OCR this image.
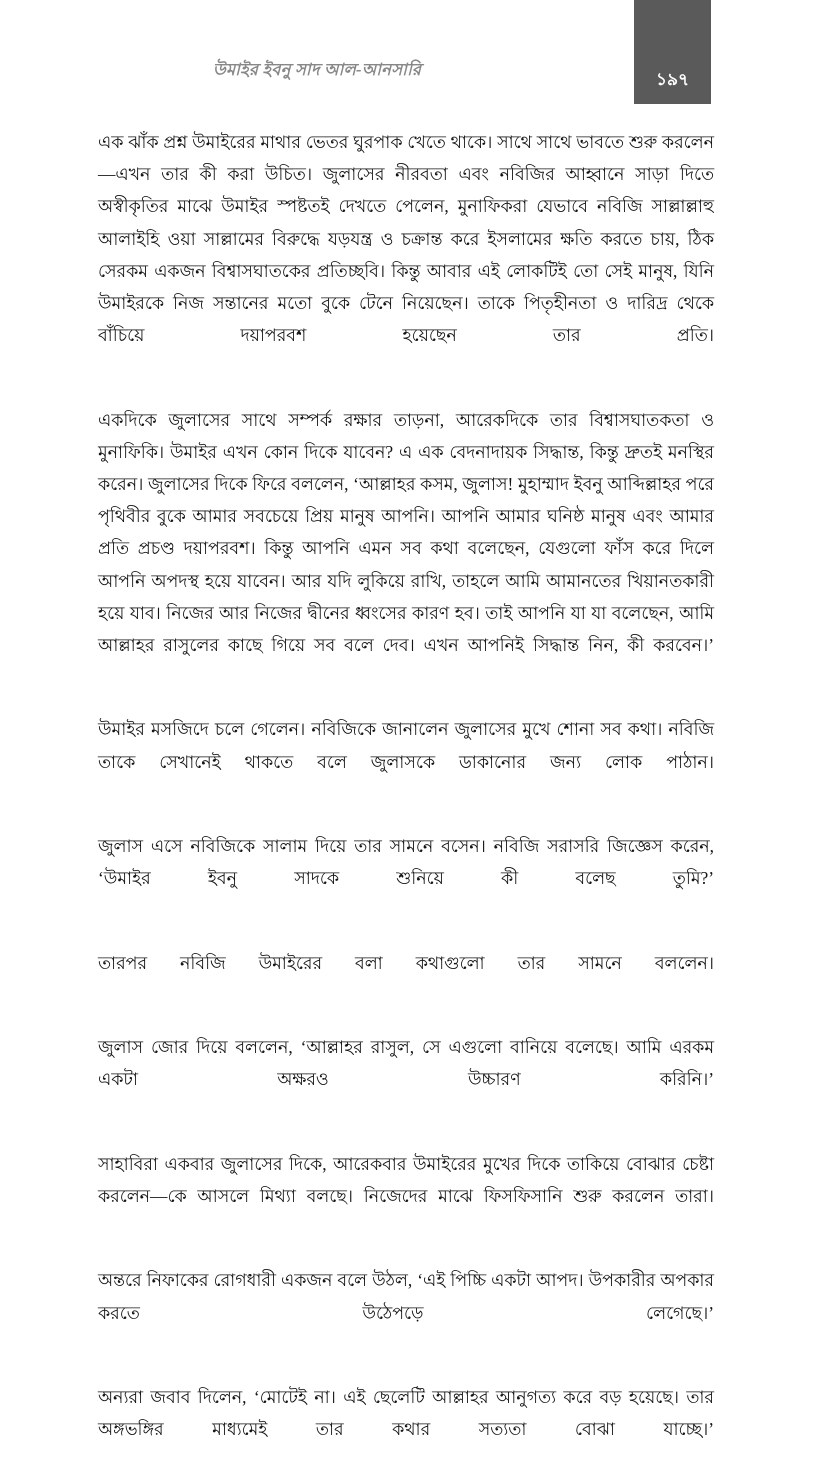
উমাইর ইবনু সাদ আল-আনসারি
১৯৭

এক ঝাঁক প্রশ্ন উমাইরের মাথার ভেতর ঘুরপাক খেতে থাকে। সাথে সাথে ভাবতে শুরু করলেন—এখন তার কী করা উচিত। জুলাসের নীরবতা এবং নবিজির আহ্বানে সাড়া দিতে অস্বীকৃতির মাঝে উমাইর স্পষ্টতই দেখতে পেলেন, মুনাফিকরা যেভাবে নবিজি সাল্লাল্লাহু আলাইহি ওয়া সাল্লামের বিরুদ্ধে যড়যন্ত্র ও চক্রান্ত করে ইসলামের ক্ষতি করতে চায়, ঠিক সেরকম একজন বিশ্বাসঘাতকের প্রতিচ্ছবি। কিন্তু আবার এই লোকটিই তো সেই মানুষ, যিনি উমাইরকে নিজ সন্তানের মতো বুকে টেনে নিয়েছেন। তাকে পিতৃহীনতা ও দারিদ্র থেকে বাঁচিয়ে দয়াপরবশ হয়েছেন তার প্রতি।

একদিকে জুলাসের সাথে সম্পর্ক রক্ষার তাড়না, আরেকদিকে তার বিশ্বাসঘাতকতা ও মুনাফিকি। উমাইর এখন কোন দিকে যাবেন? এ এক বেদনাদায়ক সিদ্ধান্ত, কিন্তু দ্রুতই মনস্থির করেন। জুলাসের দিকে ফিরে বললেন, ‘আল্লাহর কসম, জুলাস! মুহাম্মাদ ইবনু আব্দিল্লাহর পরে পৃথিবীর বুকে আমার সবচেয়ে প্রিয় মানুষ আপনি। আপনি আমার ঘনিষ্ঠ মানুষ এবং আমার প্রতি প্রচণ্ড দয়াপরবশ। কিন্তু আপনি এমন সব কথা বলেছেন, যেগুলো ফাঁস করে দিলে আপনি অপদস্থ হয়ে যাবেন। আর যদি লুকিয়ে রাখি, তাহলে আমি আমানতের খিয়ানতকারী হয়ে যাব। নিজের আর নিজের দ্বীনের ধ্বংসের কারণ হব। তাই আপনি যা যা বলেছেন, আমি আল্লাহর রাসুলের কাছে গিয়ে সব বলে দেব। এখন আপনিই সিদ্ধান্ত নিন, কী করবেন।’

উমাইর মসজিদে চলে গেলেন। নবিজিকে জানালেন জুলাসের মুখে শোনা সব কথা। নবিজি তাকে সেখানেই থাকতে বলে জুলাসকে ডাকানোর জন্য লোক পাঠান।

জুলাস এসে নবিজিকে সালাম দিয়ে তার সামনে বসেন। নবিজি সরাসরি জিজ্ঞেস করেন, ‘উমাইর ইবনু সাদকে শুনিয়ে কী বলেছ তুমি?’

তারপর নবিজি উমাইরের বলা কথাগুলো তার সামনে বললেন।

জুলাস জোর দিয়ে বললেন, ‘আল্লাহর রাসুল, সে এগুলো বানিয়ে বলেছে। আমি এরকম একটা অক্ষরও উচ্চারণ করিনি।’

সাহাবিরা একবার জুলাসের দিকে, আরেকবার উমাইরের মুখের দিকে তাকিয়ে বোঝার চেষ্টা করলেন—কে আসলে মিথ্যা বলছে। নিজেদের মাঝে ফিসফিসানি শুরু করলেন তারা।

অন্তরে নিফাকের রোগধারী একজন বলে উঠল, ‘এই পিচ্চি একটা আপদ। উপকারীর অপকার করতে উঠেপড়ে লেগেছে।’

অন্যরা জবাব দিলেন, ‘মোটেই না। এই ছেলেটি আল্লাহর আনুগত্য করে বড় হয়েছে। তার অঙ্গভঙ্গির মাধ্যমেই তার কথার সত্যতা বোঝা যাচ্ছে।’
